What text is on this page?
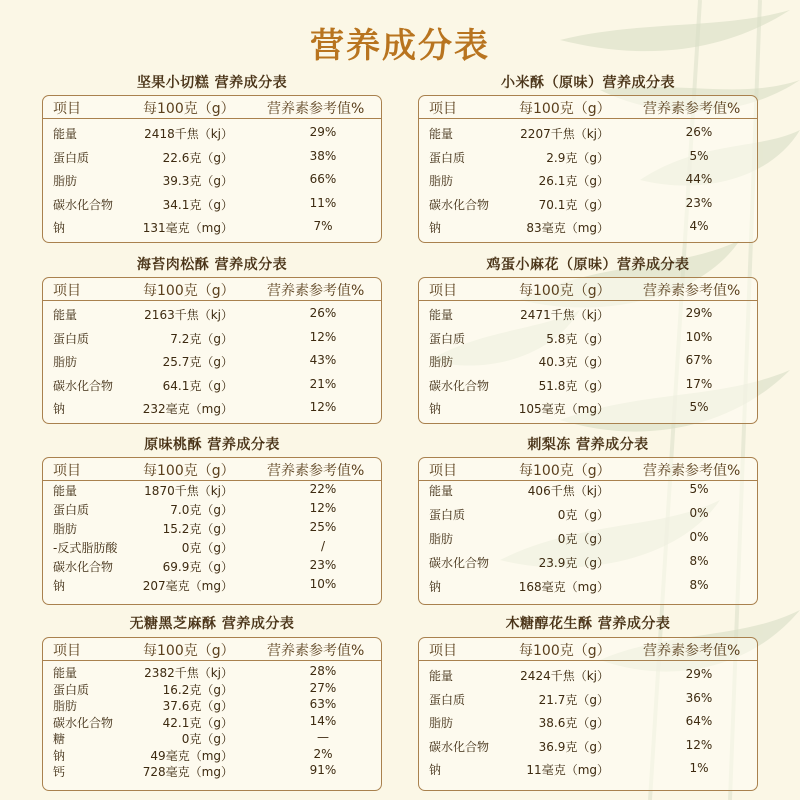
营养成分表
坚果小切糕 营养成分表
项目	每100克（g） 营养素参考值%
能量	2418千焦（kj）	29%
蛋白质	22.6克（g）	38%
脂肪	39.3克（g）	66%
碳水化合物	34.1克（g）	11%
钠	131毫克（mg）	7%
小米酥（原味）营养成分表
项目	每100克（g） 营养素参考值%
能量	2207千焦（kj）	26%
蛋白质	2.9克（g）	5%
脂肪	26.1克（g）	44%
碳水化合物	70.1克（g）	23%
钠	83毫克（mg）	4%
海苔肉松酥 营养成分表
项目	每100克（g） 营养素参考值%
能量	2163千焦（kj）	26%
蛋白质	7.2克（g）	12%
脂肪	25.7克（g）	43%
碳水化合物	64.1克（g）	21%
钠	232毫克（mg）	12%
鸡蛋小麻花（原味）营养成分表
项目	每100克（g） 营养素参考值%
能量	2471千焦（kj）	29%
蛋白质	5.8克（g）	10%
脂肪	40.3克（g）	67%
碳水化合物	51.8克（g）	17%
钠	105毫克（mg）	5%
原味桃酥 营养成分表
项目	每100克（g） 营养素参考值%
能量	1870千焦（kj）	22%
蛋白质	7.0克（g）	12%
脂肪	15.2克（g）	25%
-反式脂肪酸	0克（g）	/
碳水化合物	69.9克（g）	23%
钠	207毫克（mg）	10%
刺梨冻 营养成分表
项目	每100克（g） 营养素参考值%
能量	406千焦（kj）	5%
蛋白质	0克（g）	0%
脂肪	0克（g）	0%
碳水化合物	23.9克（g）	8%
钠	168毫克（mg）	8%
无糖黑芝麻酥 营养成分表
项目	每100克（g） 营养素参考值%
能量	2382千焦（kj）	28%
蛋白质	16.2克（g）	27%
脂肪	37.6克（g）	63%
碳水化合物	42.1克（g）	14%
糖	0克（g）	—
钠	49毫克（mg）	2%
钙	728毫克（mg）	91%
木糖醇花生酥 营养成分表
项目	每100克（g） 营养素参考值%
能量	2424千焦（kj）	29%
蛋白质	21.7克（g）	36%
脂肪	38.6克（g）	64%
碳水化合物	36.9克（g）	12%
钠	11毫克（mg）	1%
